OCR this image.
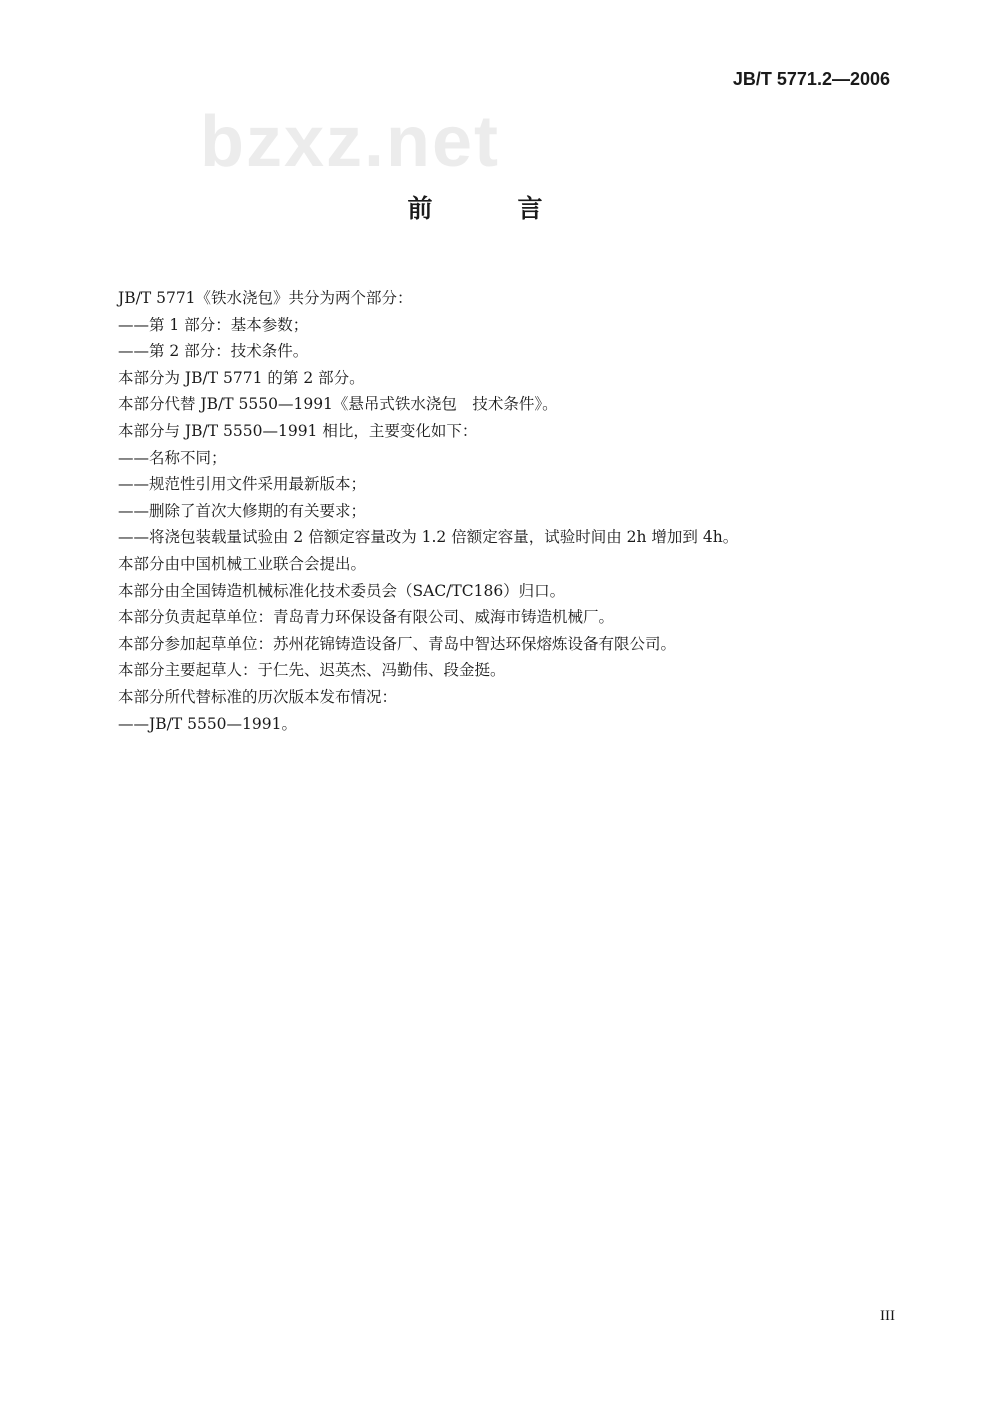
JB/T 5771.2—2006
bzxz.net
前　言
JB/T 5771《铁水浇包》共分为两个部分：
——第 1 部分：基本参数；
——第 2 部分：技术条件。
本部分为 JB/T 5771 的第 2 部分。
本部分代替 JB/T 5550—1991《悬吊式铁水浇包　技术条件》。
本部分与 JB/T 5550—1991 相比，主要变化如下：
——名称不同；
——规范性引用文件采用最新版本；
——删除了首次大修期的有关要求；
——将浇包装载量试验由 2 倍额定容量改为 1.2 倍额定容量，试验时间由 2h 增加到 4h。
本部分由中国机械工业联合会提出。
本部分由全国铸造机械标准化技术委员会（SAC/TC186）归口。
本部分负责起草单位：青岛青力环保设备有限公司、威海市铸造机械厂。
本部分参加起草单位：苏州花锦铸造设备厂、青岛中智达环保熔炼设备有限公司。
本部分主要起草人：于仁先、迟英杰、冯勤伟、段金挺。
本部分所代替标准的历次版本发布情况：
——JB/T 5550—1991。
III
